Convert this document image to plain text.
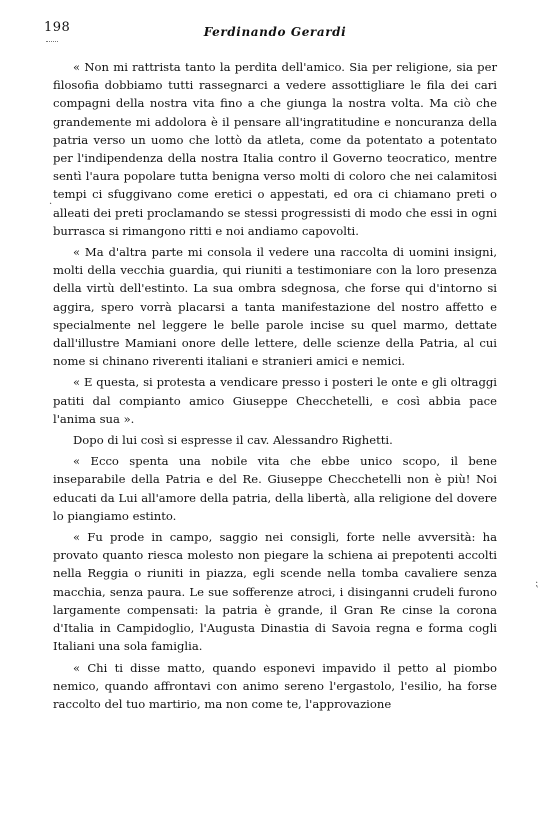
198	Ferdinando Gerardi
·
⁏

« Non mi rattrista tanto la perdita dell'amico. Sia per religione, sia per filosofia dobbiamo tutti rassegnarci a vedere assottigliare le fila dei cari compagni della nostra vita fino a che giunga la nostra volta. Ma ciò che grandemente mi addolora è il pensare all'ingratitudine e noncuranza della patria verso un uomo che lottò da atleta, come da potentato a potentato per l'indipendenza della nostra Italia contro il Governo teocratico, mentre sentì l'aura popolare tutta benigna verso molti di coloro che nei calamitosi tempi ci sfuggivano come eretici o appestati, ed ora ci chiamano preti o alleati dei preti proclamando se stessi progressisti di modo che essi in ogni burrasca si rimangono ritti e noi andiamo capovolti.

« Ma d'altra parte mi consola il vedere una raccolta di uomini insigni, molti della vecchia guardia, qui riuniti a testimoniare con la loro presenza della virtù dell'estinto. La sua ombra sdegnosa, che forse qui d'intorno si aggira, spero vorrà placarsi a tanta manifestazione del nostro affetto e specialmente nel leggere le belle parole incise su quel marmo, dettate dall'illustre Mamiani onore delle lettere, delle scienze della Patria, al cui nome si chinano riverenti italiani e stranieri amici e nemici.

« E questa, si protesta a vendicare presso i posteri le onte e gli oltraggi patiti dal compianto amico Giuseppe Checchetelli, e così abbia pace l'anima sua ».

Dopo di lui così si espresse il cav. Alessandro Righetti.

« Ecco spenta una nobile vita che ebbe unico scopo, il bene inseparabile della Patria e del Re. Giuseppe Checchetelli non è più! Noi educati da Lui all'amore della patria, della libertà, alla religione del dovere lo piangiamo estinto.

« Fu prode in campo, saggio nei consigli, forte nelle avversità: ha provato quanto riesca molesto non piegare la schiena ai prepotenti accolti nella Reggia o riuniti in piazza, egli scende nella tomba cavaliere senza macchia, senza paura. Le sue sofferenze atroci, i disinganni crudeli furono largamente compensati: la patria è grande, il Gran Re cinse la corona d'Italia in Campidoglio, l'Augusta Dinastia di Savoia regna e forma cogli Italiani una sola famiglia.

« Chi ti disse matto, quando esponevi impavido il petto al piombo nemico, quando affrontavi con animo sereno l'ergastolo, l'esilio, ha forse raccolto del tuo martirio, ma non come te, l'approvazione
